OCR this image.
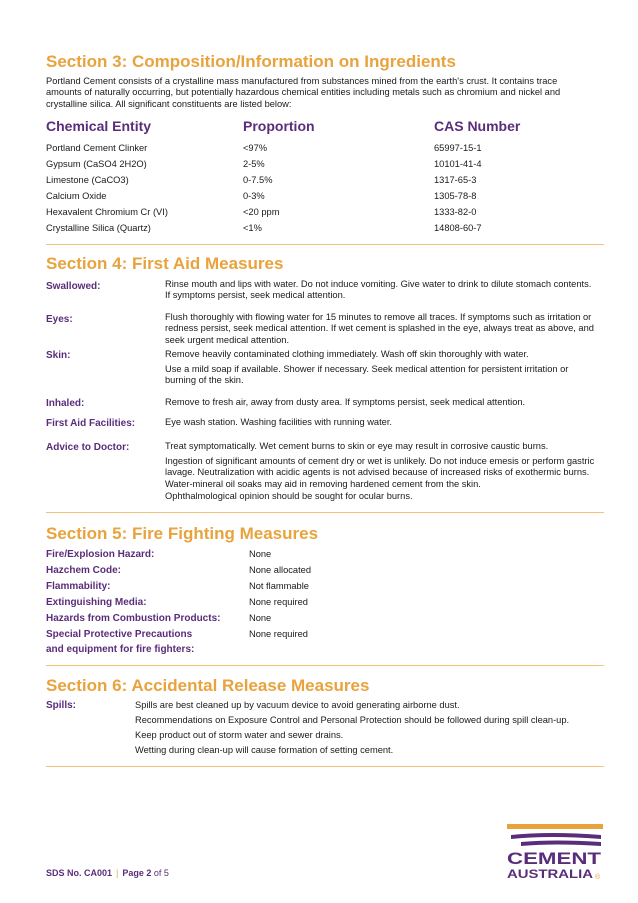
Section 3: Composition/Information on Ingredients
Portland Cement consists of a crystalline mass manufactured from substances mined from the earth's crust. It contains trace amounts of naturally occurring, but potentially hazardous chemical entities including metals such as chromium and nickel and crystalline silica. All significant constituents are listed below:
Chemical Entity	Proportion	CAS Number
Portland Cement Clinker	<97%	65997-15-1
Gypsum (CaSO4 2H2O)	2-5%	10101-41-4
Limestone (CaCO3)	0-7.5%	1317-65-3
Calcium Oxide	0-3%	1305-78-8
Hexavalent Chromium Cr (VI)	<20 ppm	1333-82-0
Crystalline Silica (Quartz)	<1%	14808-60-7
Section 4: First Aid Measures
Swallowed:	Rinse mouth and lips with water. Do not induce vomiting. Give water to drink to dilute stomach contents. If symptoms persist, seek medical attention.
Eyes:	Flush thoroughly with flowing water for 15 minutes to remove all traces. If symptoms such as irritation or redness persist, seek medical attention. If wet cement is splashed in the eye, always treat as above, and seek urgent medical attention.
Skin:	Remove heavily contaminated clothing immediately. Wash off skin thoroughly with water.
Use a mild soap if available. Shower if necessary. Seek medical attention for persistent irritation or burning of the skin.
Inhaled:	Remove to fresh air, away from dusty area. If symptoms persist, seek medical attention.
First Aid Facilities:	Eye wash station. Washing facilities with running water.
Advice to Doctor:	Treat symptomatically. Wet cement burns to skin or eye may result in corrosive caustic burns.
Ingestion of significant amounts of cement dry or wet is unlikely. Do not induce emesis or perform gastric lavage. Neutralization with acidic agents is not advised because of increased risks of exothermic burns. Water-mineral oil soaks may aid in removing hardened cement from the skin.
Ophthalmological opinion should be sought for ocular burns.
Section 5: Fire Fighting Measures
Fire/Explosion Hazard:	None
Hazchem Code:	None allocated
Flammability:	Not flammable
Extinguishing Media:	None required
Hazards from Combustion Products:	None
Special Protective Precautions
and equipment for fire fighters:
None required
Section 6: Accidental Release Measures
Spills:	Spills are best cleaned up by vacuum device to avoid generating airborne dust.
Recommendations on Exposure Control and Personal Protection should be followed during spill clean-up.
Keep product out of storm water and sewer drains.
Wetting during clean-up will cause formation of setting cement.
SDS No. CA001 | Page 2 of 5
CEMENT
AUSTRALIA ®
